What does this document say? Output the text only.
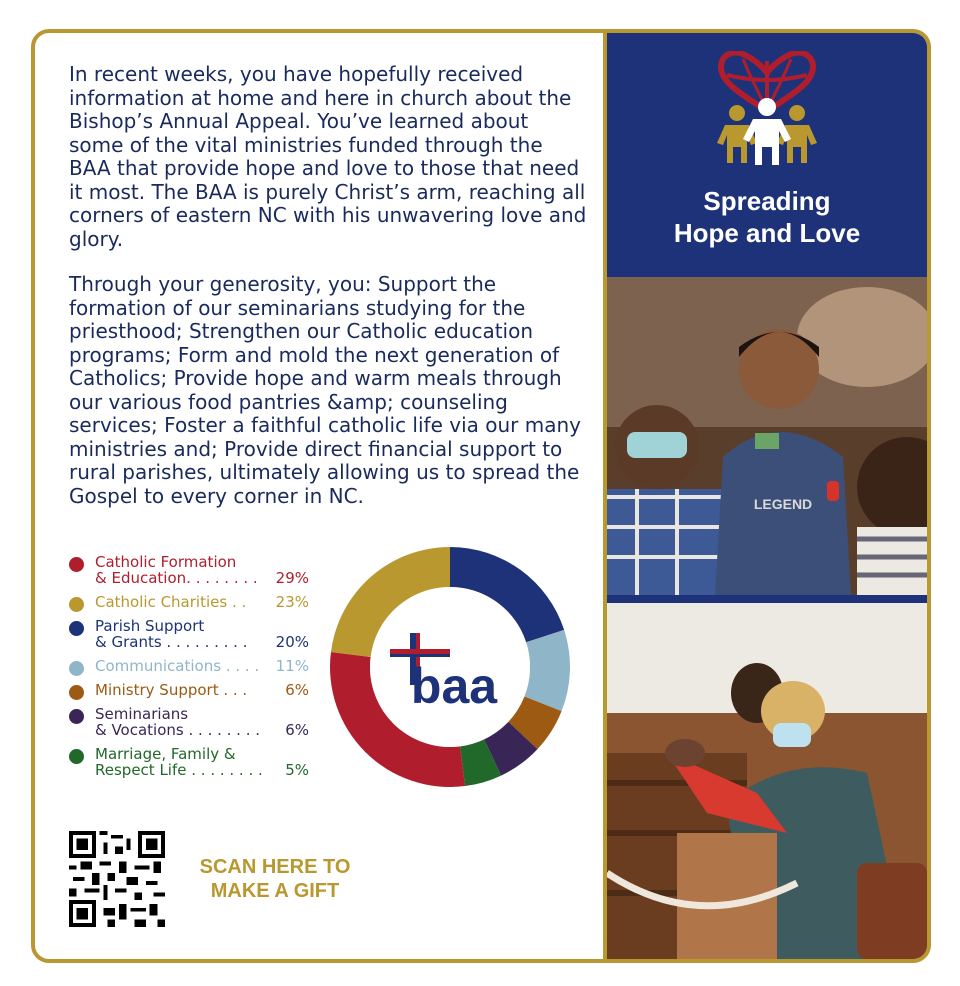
In recent weeks, you have hopefully received information at home and here in church about the Bishop’s Annual Appeal. You’ve learned about some of the vital ministries funded through the BAA that provide hope and love to those that need it most. The BAA is purely Christ’s arm, reaching all corners of eastern NC with his unwavering love and glory.

Through your generosity, you: Support the formation of our seminarians studying for the priesthood; Strengthen our Catholic education programs; Form and mold the next generation of Catholics; Provide hope and warm meals through our various food pantries &amp; counseling services; Foster a faithful catholic life via our many ministries and; Provide direct financial support to rural parishes, ultimately allowing us to spread the Gospel to every corner in NC.

Catholic Formation
& Education. . . . . . . .	29%
Catholic Charities . .	23%
Parish Support
& Grants . . . . . . . . .	20%
Communications . . . .	11%
Ministry Support . . .	6%
Seminarians
& Vocations . . . . . . . .	6%
Marriage, Family &
Respect Life . . . . . . . .	5%
baa
SCAN HERE TO
MAKE A GIFT
Spreading
Hope and Love
LEGEND
